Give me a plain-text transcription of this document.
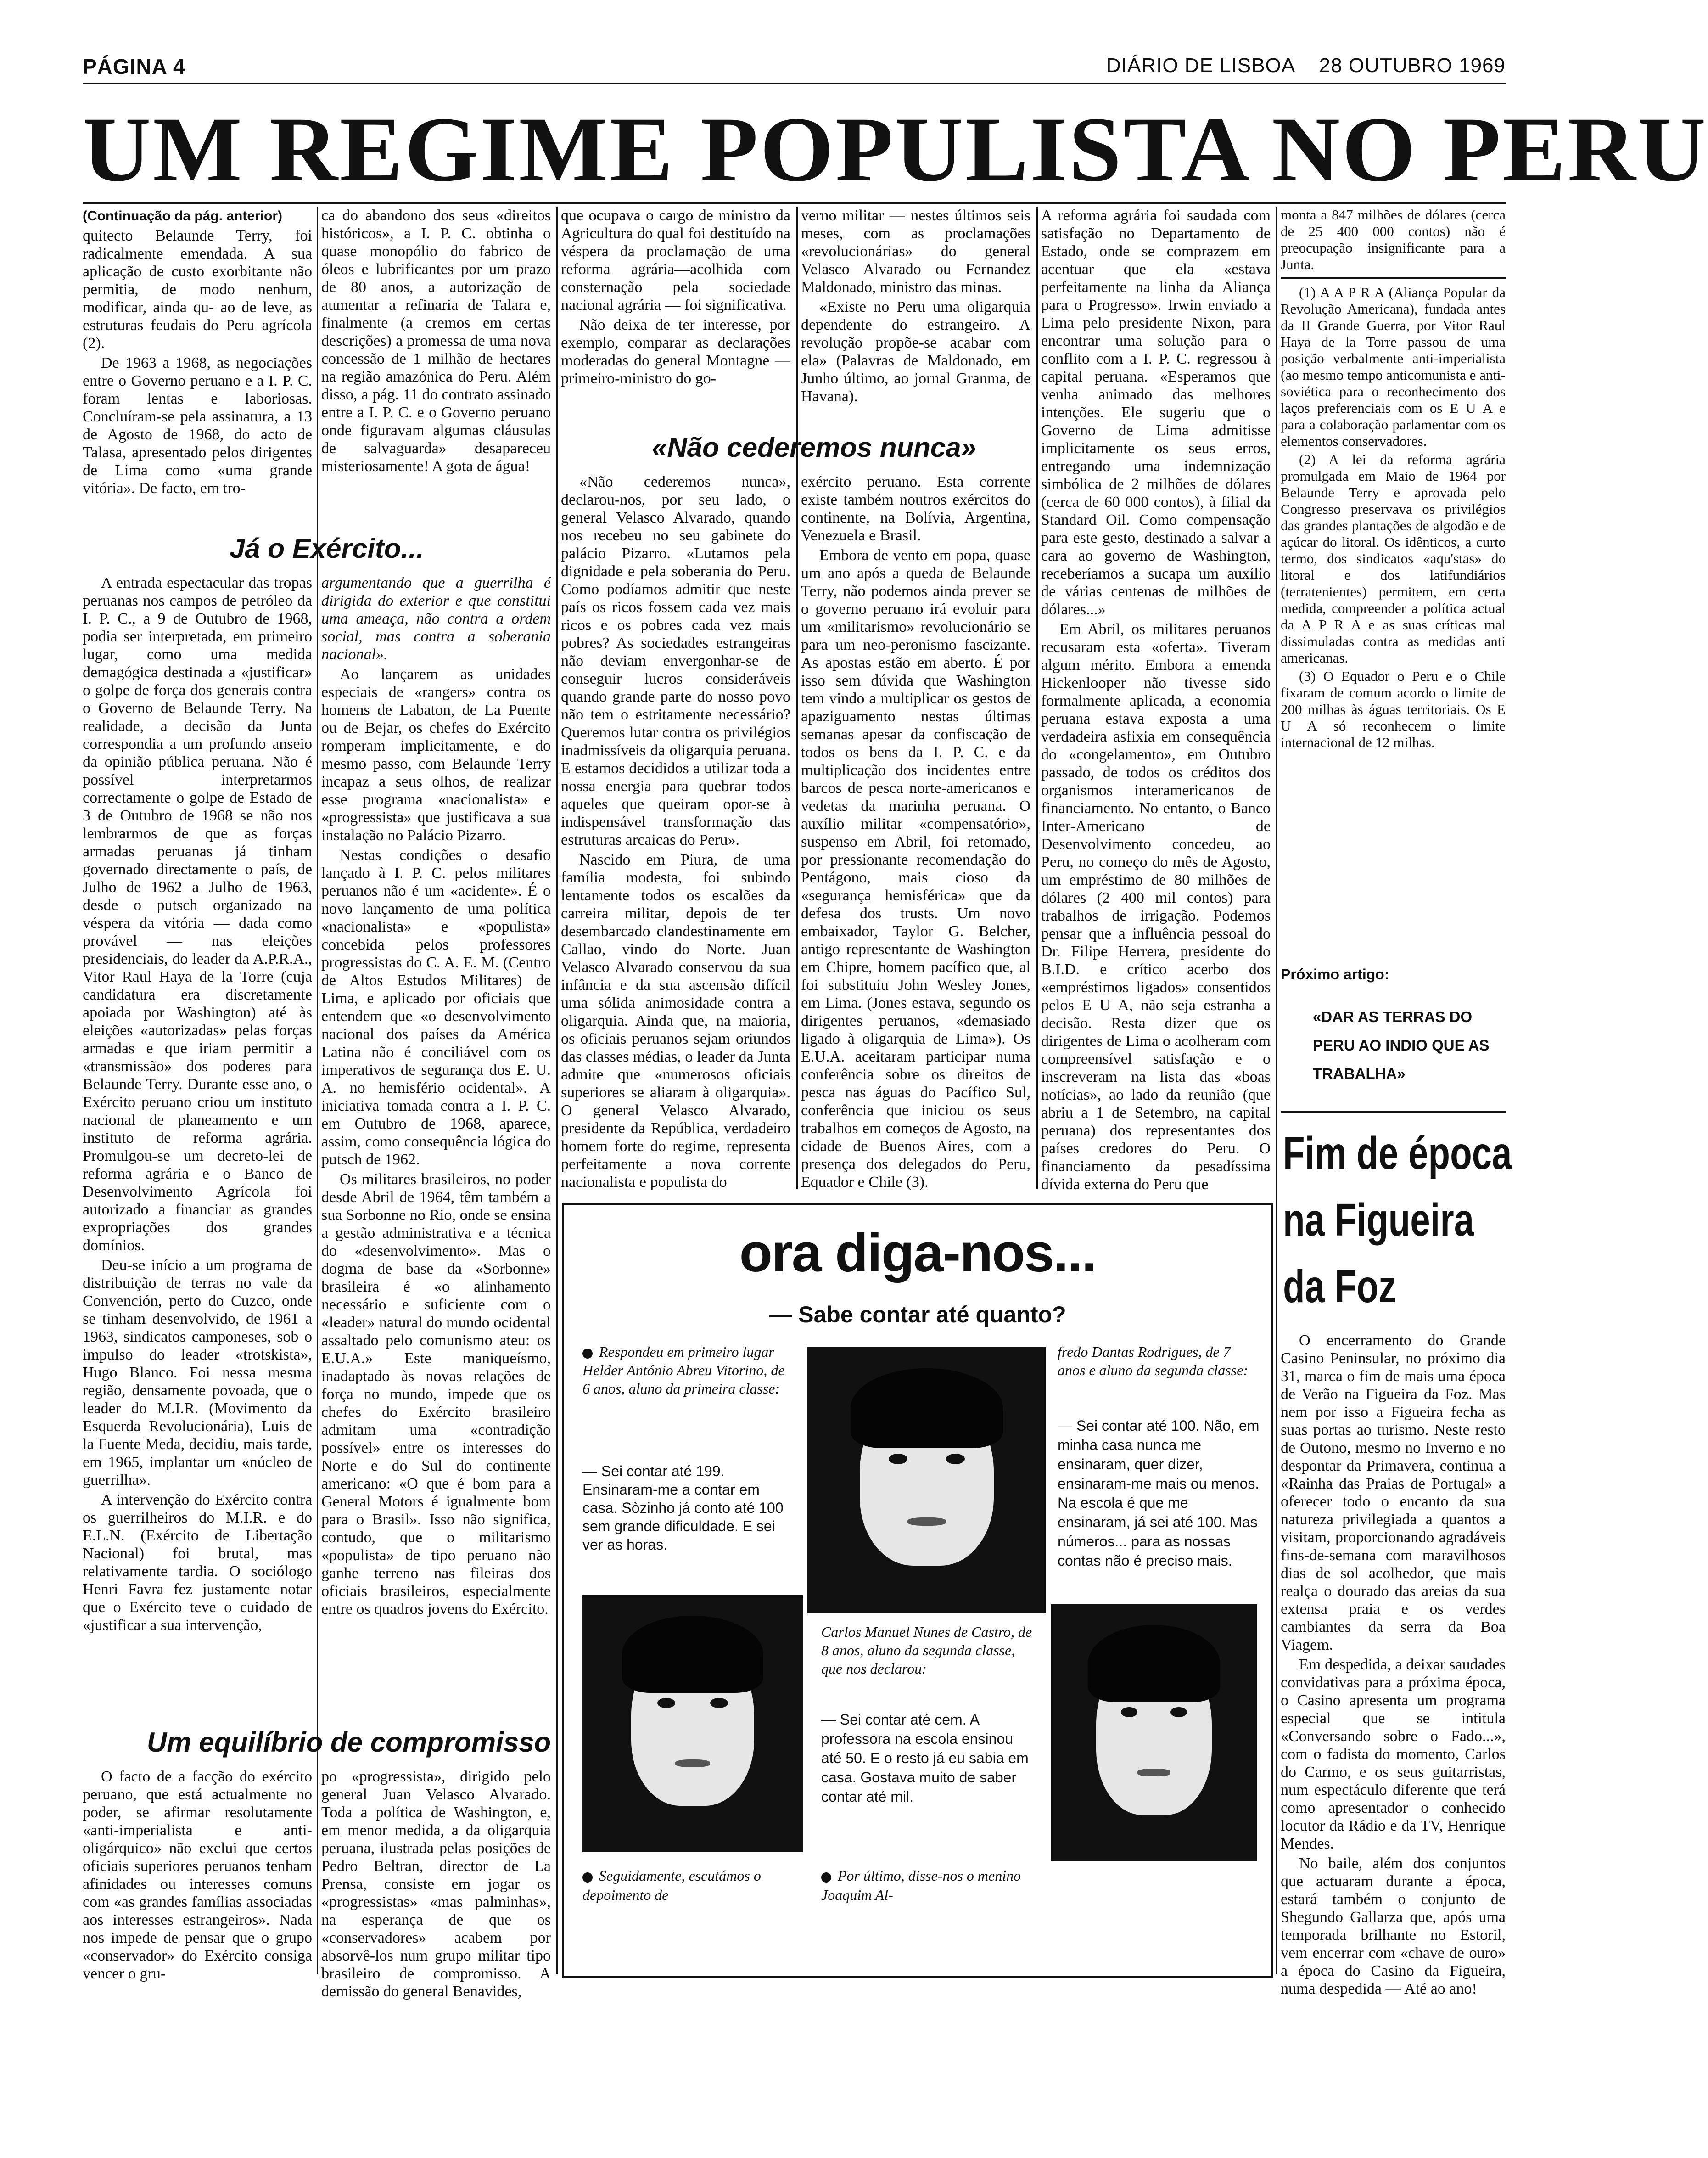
PÁGINA 4	DIÁRIO DE LISBOA 28 OUTUBRO 1969
UM REGIME POPULISTA NO PERU

(Continuação da pág. anterior)

quitecto Belaunde Terry, foi radicalmente emendada. A sua aplicação de custo exorbitante não permitia, de modo nenhum, modificar, ainda qu- ao de leve, as estruturas feudais do Peru agrícola (2).

De 1963 a 1968, as negociações entre o Governo peruano e a I. P. C. foram lentas e laboriosas. Concluíram-se pela assinatura, a 13 de Agosto de 1968, do acto de Talasa, apresentado pelos dirigentes de Lima como «uma grande vitória». De facto, em tro-

ca do abandono dos seus «direitos históricos», a I. P. C. obtinha o quase monopólio do fabrico de óleos e lubrificantes por um prazo de 80 anos, a autorização de aumentar a refinaria de Talara e, finalmente (a cremos em certas descrições) a promessa de uma nova concessão de 1 milhão de hectares na região amazónica do Peru. Além disso, a pág. 11 do contrato assinado entre a I. P. C. e o Governo peruano onde figuravam algumas cláusulas de salvaguarda» desapareceu misteriosamente! A gota de água!

que ocupava o cargo de ministro da Agricultura do qual foi destituído na véspera da proclamação de uma reforma agrária—acolhida com consternação pela sociedade nacional agrária — foi significativa.

Não deixa de ter interesse, por exemplo, comparar as declarações moderadas do general Montagne — primeiro-ministro do go-

verno militar — nestes últimos seis meses, com as proclamações «revolucionárias» do general Velasco Alvarado ou Fernandez Maldonado, ministro das minas.

«Existe no Peru uma oligarquia dependente do estrangeiro. A revolução propõe-se acabar com ela» (Palavras de Maldonado, em Junho último, ao jornal Granma, de Havana).

A reforma agrária foi saudada com satisfação no Departamento de Estado, onde se comprazem em acentuar que ela «estava perfeitamente na linha da Aliança para o Progresso». Irwin enviado a Lima pelo presidente Nixon, para encontrar uma solução para o conflito com a I. P. C. regressou à capital peruana. «Esperamos que venha animado das melhores intenções. Ele sugeriu que o Governo de Lima admitisse implicitamente os seus erros, entregando uma indemnização simbólica de 2 milhões de dólares (cerca de 60 000 contos), à filial da Standard Oil. Como compensação para este gesto, destinado a salvar a cara ao governo de Washington, receberíamos a sucapa um auxílio de várias centenas de milhões de dólares...»

Em Abril, os militares peruanos recusaram esta «oferta». Tiveram algum mérito. Embora a emenda Hickenlooper não tivesse sido formalmente aplicada, a economia peruana estava exposta a uma verdadeira asfixia em consequência do «congelamento», em Outubro passado, de todos os créditos dos organismos interamericanos de financiamento. No entanto, o Banco Inter-Americano de Desenvolvimento concedeu, ao Peru, no começo do mês de Agosto, um empréstimo de 80 milhões de dólares (2 400 mil contos) para trabalhos de irrigação. Podemos pensar que a influência pessoal do Dr. Filipe Herrera, presidente do B.I.D. e crítico acerbo dos «empréstimos ligados» consentidos pelos E U A, não seja estranha a decisão. Resta dizer que os dirigentes de Lima o acolheram com compreensível satisfação e o inscreveram na lista das «boas notícias», ao lado da reunião (que abriu a 1 de Setembro, na capital peruana) dos representantes dos países credores do Peru. O financiamento da pesadíssima dívida externa do Peru que

monta a 847 milhões de dólares (cerca de 25 400 000 contos) não é preocupação insignificante para a Junta.

(1) A A P R A (Aliança Popular da Revolução Americana), fundada antes da II Grande Guerra, por Vitor Raul Haya de la Torre passou de uma posição verbalmente anti-imperialista (ao mesmo tempo anticomunista e anti-soviética para o reconhecimento dos laços preferenciais com os E U A e para a colaboração parlamentar com os elementos conservadores.

(2) A lei da reforma agrária promulgada em Maio de 1964 por Belaunde Terry e aprovada pelo Congresso preservava os privilégios das grandes plantações de algodão e de açúcar do litoral. Os idênticos, a curto termo, dos sindicatos «aqu'stas» do litoral e dos latifundiários (terratenientes) permitem, em certa medida, compreender a política actual da A P R A e as suas críticas mal dissimuladas contra as medidas anti americanas.

(3) O Equador o Peru e o Chile fixaram de comum acordo o limite de 200 milhas às águas territoriais. Os E U A só reconhecem o limite internacional de 12 milhas.

Próximo artigo:
«DAR AS TERRAS DO PERU AO INDIO QUE AS TRABALHA»
Fim de época
na Figueira
da Foz

O encerramento do Grande Casino Peninsular, no próximo dia 31, marca o fim de mais uma época de Verão na Figueira da Foz. Mas nem por isso a Figueira fecha as suas portas ao turismo. Neste resto de Outono, mesmo no Inverno e no despontar da Primavera, continua a «Rainha das Praias de Portugal» a oferecer todo o encanto da sua natureza privilegiada a quantos a visitam, proporcionando agradáveis fins-de-semana com maravilhosos dias de sol acolhedor, que mais realça o dourado das areias da sua extensa praia e os verdes cambiantes da serra da Boa Viagem.

Em despedida, a deixar saudades convidativas para a próxima época, o Casino apresenta um programa especial que se intitula «Conversando sobre o Fado...», com o fadista do momento, Carlos do Carmo, e os seus guitarristas, num espectáculo diferente que terá como apresentador o conhecido locutor da Rádio e da TV, Henrique Mendes.

No baile, além dos conjuntos que actuaram durante a época, estará também o conjunto de Shegundo Gallarza que, após uma temporada brilhante no Estoril, vem encerrar com «chave de ouro» a época do Casino da Figueira, numa despedida — Até ao ano!

Já o Exército...

A entrada espectacular das tropas peruanas nos campos de petróleo da I. P. C., a 9 de Outubro de 1968, podia ser interpretada, em primeiro lugar, como uma medida demagógica destinada a «justificar» o golpe de força dos generais contra o Governo de Belaunde Terry. Na realidade, a decisão da Junta correspondia a um profundo anseio da opinião pública peruana. Não é possível interpretarmos correctamente o golpe de Estado de 3 de Outubro de 1968 se não nos lembrarmos de que as forças armadas peruanas já tinham governado directamente o país, de Julho de 1962 a Julho de 1963, desde o putsch organizado na véspera da vitória — dada como provável — nas eleições presidenciais, do leader da A.P.R.A., Vitor Raul Haya de la Torre (cuja candidatura era discretamente apoiada por Washington) até às eleições «autorizadas» pelas forças armadas e que iriam permitir a «transmissão» dos poderes para Belaunde Terry. Durante esse ano, o Exército peruano criou um instituto nacional de planeamento e um instituto de reforma agrária. Promulgou-se um decreto-lei de reforma agrária e o Banco de Desenvolvimento Agrícola foi autorizado a financiar as grandes expropriações dos grandes domínios.

Deu-se início a um programa de distribuição de terras no vale da Convención, perto do Cuzco, onde se tinham desenvolvido, de 1961 a 1963, sindicatos camponeses, sob o impulso do leader «trotskista», Hugo Blanco. Foi nessa mesma região, densamente povoada, que o leader do M.I.R. (Movimento da Esquerda Revolucionária), Luis de la Fuente Meda, decidiu, mais tarde, em 1965, implantar um «núcleo de guerrilha».

A intervenção do Exército contra os guerrilheiros do M.I.R. e do E.L.N. (Exército de Libertação Nacional) foi brutal, mas relativamente tardia. O sociólogo Henri Favra fez justamente notar que o Exército teve o cuidado de «justificar a sua intervenção,

argumentando que a guerrilha é dirigida do exterior e que constitui uma ameaça, não contra a ordem social, mas contra a soberania nacional».

Ao lançarem as unidades especiais de «rangers» contra os homens de Labaton, de La Puente ou de Bejar, os chefes do Exército romperam implicitamente, e do mesmo passo, com Belaunde Terry incapaz a seus olhos, de realizar esse programa «nacionalista» e «progressista» que justificava a sua instalação no Palácio Pizarro.

Nestas condições o desafio lançado à I. P. C. pelos militares peruanos não é um «acidente». É o novo lançamento de uma política «nacionalista» e «populista» concebida pelos professores progressistas do C. A. E. M. (Centro de Altos Estudos Militares) de Lima, e aplicado por oficiais que entendem que «o desenvolvimento nacional dos países da América Latina não é conciliável com os imperativos de segurança dos E. U. A. no hemisfério ocidental». A iniciativa tomada contra a I. P. C. em Outubro de 1968, aparece, assim, como consequência lógica do putsch de 1962.

Os militares brasileiros, no poder desde Abril de 1964, têm também a sua Sorbonne no Rio, onde se ensina a gestão administrativa e a técnica do «desenvolvimento». Mas o dogma de base da «Sorbonne» brasileira é «o alinhamento necessário e suficiente com o «leader» natural do mundo ocidental assaltado pelo comunismo ateu: os E.U.A.» Este maniqueísmo, inadaptado às novas relações de força no mundo, impede que os chefes do Exército brasileiro admitam uma «contradição possível» entre os interesses do Norte e do Sul do continente americano: «O que é bom para a General Motors é igualmente bom para o Brasil». Isso não significa, contudo, que o militarismo «populista» de tipo peruano não ganhe terreno nas fileiras dos oficiais brasileiros, especialmente entre os quadros jovens do Exército.

«Não cederemos nunca»

«Não cederemos nunca», declarou-nos, por seu lado, o general Velasco Alvarado, quando nos recebeu no seu gabinete do palácio Pizarro. «Lutamos pela dignidade e pela soberania do Peru. Como podíamos admitir que neste país os ricos fossem cada vez mais ricos e os pobres cada vez mais pobres? As sociedades estrangeiras não deviam envergonhar-se de conseguir lucros consideráveis quando grande parte do nosso povo não tem o estritamente necessário? Queremos lutar contra os privilégios inadmissíveis da oligarquia peruana. E estamos decididos a utilizar toda a nossa energia para quebrar todos aqueles que queiram opor-se à indispensável transformação das estruturas arcaicas do Peru».

Nascido em Piura, de uma família modesta, foi subindo lentamente todos os escalões da carreira militar, depois de ter desembarcado clandestinamente em Callao, vindo do Norte. Juan Velasco Alvarado conservou da sua infância e da sua ascensão difícil uma sólida animosidade contra a oligarquia. Ainda que, na maioria, os oficiais peruanos sejam oriundos das classes médias, o leader da Junta admite que «numerosos oficiais superiores se aliaram à oligarquia». O general Velasco Alvarado, presidente da República, verdadeiro homem forte do regime, representa perfeitamente a nova corrente nacionalista e populista do

exército peruano. Esta corrente existe também noutros exércitos do continente, na Bolívia, Argentina, Venezuela e Brasil.

Embora de vento em popa, quase um ano após a queda de Belaunde Terry, não podemos ainda prever se o governo peruano irá evoluir para um «militarismo» revolucionário se para um neo-peronismo fascizante. As apostas estão em aberto. É por isso sem dúvida que Washington tem vindo a multiplicar os gestos de apaziguamento nestas últimas semanas apesar da confiscação de todos os bens da I. P. C. e da multiplicação dos incidentes entre barcos de pesca norte-americanos e vedetas da marinha peruana. O auxílio militar «compensatório», suspenso em Abril, foi retomado, por pressionante recomendação do Pentágono, mais cioso da «segurança hemisférica» que da defesa dos trusts. Um novo embaixador, Taylor G. Belcher, antigo representante de Washington em Chipre, homem pacífico que, al foi substituiu John Wesley Jones, em Lima. (Jones estava, segundo os dirigentes peruanos, «demasiado ligado à oligarquia de Lima»). Os E.U.A. aceitaram participar numa conferência sobre os direitos de pesca nas águas do Pacífico Sul, conferência que iniciou os seus trabalhos em começos de Agosto, na cidade de Buenos Aires, com a presença dos delegados do Peru, Equador e Chile (3).

Um equilíbrio de compromisso

O facto de a facção do exército peruano, que está actualmente no poder, se afirmar resolutamente «anti-imperialista e anti-oligárquico» não exclui que certos oficiais superiores peruanos tenham afinidades ou interesses comuns com «as grandes famílias associadas aos interesses estrangeiros». Nada nos impede de pensar que o grupo «conservador» do Exército consiga vencer o gru-

po «progressista», dirigido pelo general Juan Velasco Alvarado. Toda a política de Washington, e, em menor medida, a da oligarquia peruana, ilustrada pelas posições de Pedro Beltran, director de La Prensa, consiste em jogar os «progressistas» «mas palminhas», na esperança de que os «conservadores» acabem por absorvê-los num grupo militar tipo brasileiro de compromisso. A demissão do general Benavides,

ora diga-nos...
— Sabe contar até quanto?
Respondeu em primeiro lugar Helder António Abreu Vitorino, de 6 anos, aluno da primeira classe:
— Sei contar até 199. Ensinaram-me a contar em casa. Sòzinho já conto até 100 sem grande dificuldade. E sei ver as horas.
fredo Dantas Rodrigues, de 7 anos e aluno da segunda classe:
— Sei contar até 100. Não, em minha casa nunca me ensinaram, quer dizer, ensinaram-me mais ou menos. Na escola é que me ensinaram, já sei até 100. Mas números... para as nossas contas não é preciso mais.
Carlos Manuel Nunes de Castro, de 8 anos, aluno da segunda classe, que nos declarou:
— Sei contar até cem. A professora na escola ensinou até 50. E o resto já eu sabia em casa. Gostava muito de saber contar até mil.
Seguidamente, escutámos o depoimento de
Por último, disse-nos o menino Joaquim Al-
